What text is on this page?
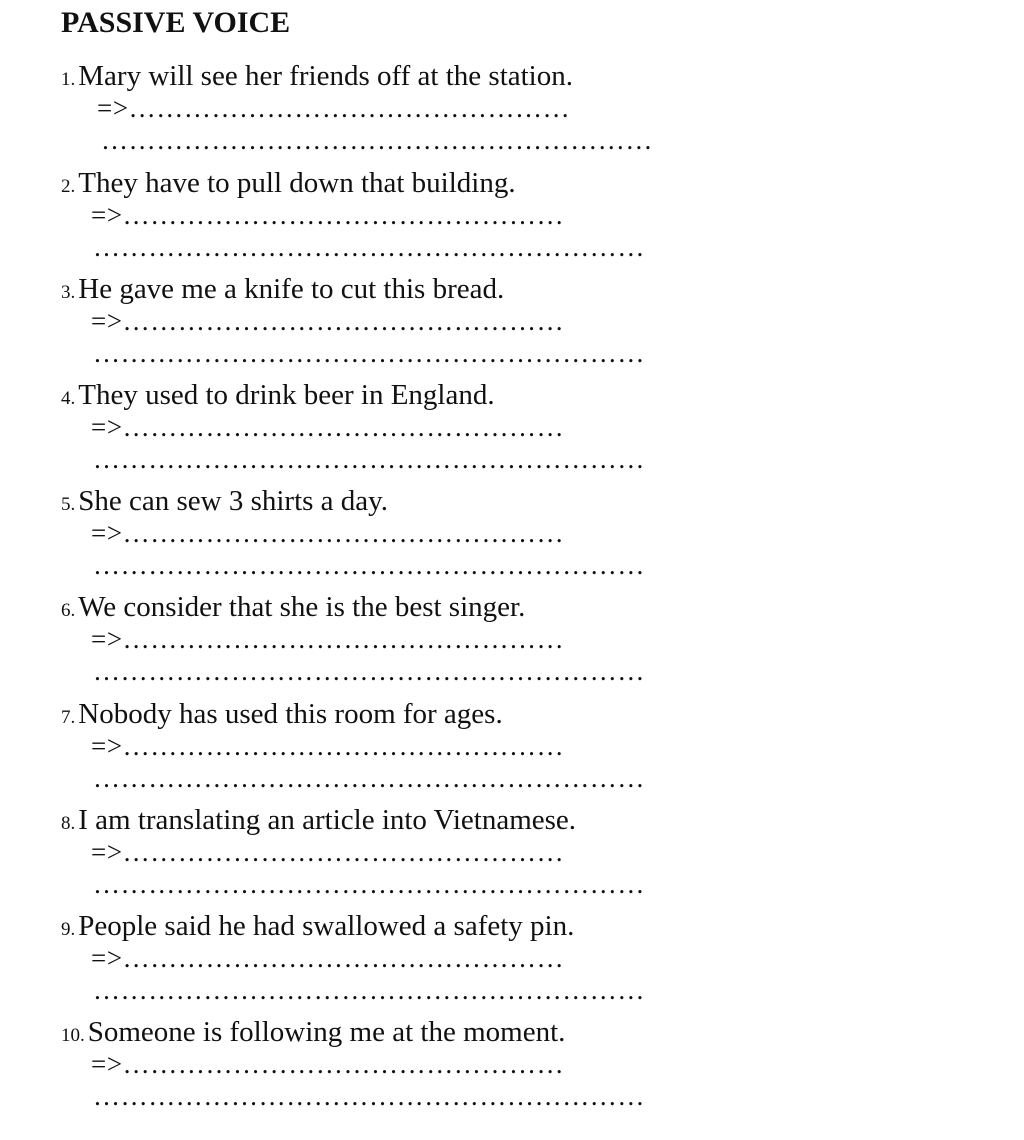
PASSIVE VOICE
1. Mary will see her friends off at the station.
=>…………………………………………
……………………………………………………
2. They have to pull down that building.
=>…………………………………………
……………………………………………………
3. He gave me a knife to cut this bread.
=>…………………………………………
……………………………………………………
4. They used to drink beer in England.
=>…………………………………………
……………………………………………………
5. She can sew 3 shirts a day.
=>…………………………………………
……………………………………………………
6. We consider that she is the best singer.
=>…………………………………………
……………………………………………………
7. Nobody has used this room for ages.
=>…………………………………………
……………………………………………………
8. I am translating an article into Vietnamese.
=>…………………………………………
……………………………………………………
9. People said he had swallowed a safety pin.
=>…………………………………………
……………………………………………………
10. Someone is following me at the moment.
=>…………………………………………
……………………………………………………
